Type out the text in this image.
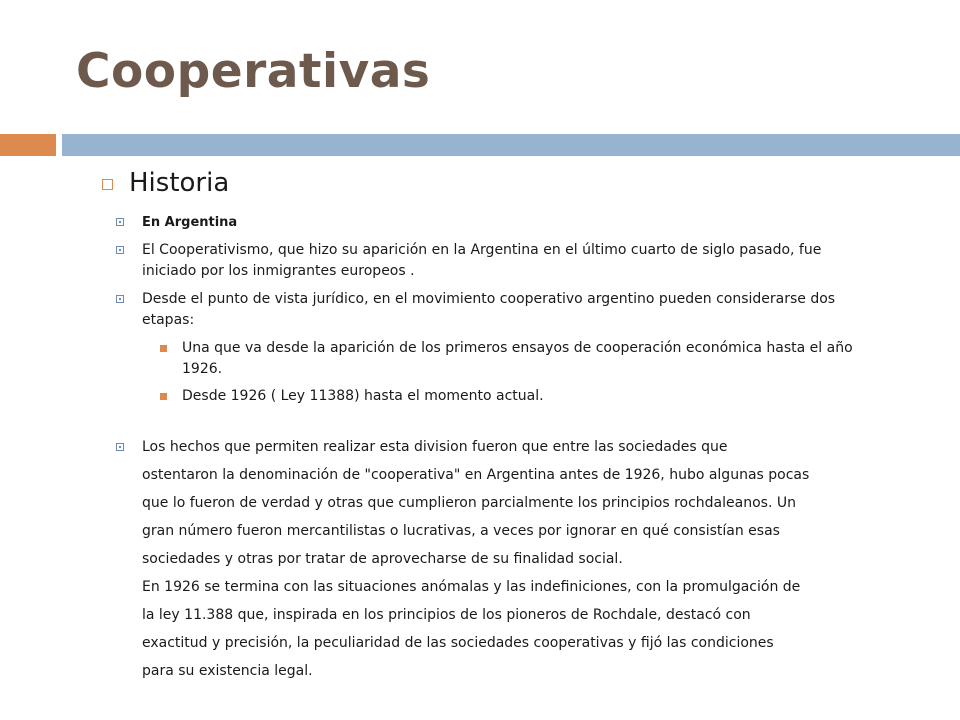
Cooperativas
Historia
En Argentina
El Cooperativismo, que hizo su aparición en la Argentina en el último cuarto de siglo pasado, fue iniciado por los inmigrantes europeos .
Desde el punto de vista jurídico, en el movimiento cooperativo argentino pueden considerarse dos etapas:
Una que va desde la aparición de los primeros ensayos de cooperación económica hasta el año 1926.
Desde 1926 ( Ley 11388) hasta el momento actual.
Los hechos que permiten realizar esta division fueron que entre las sociedades que
ostentaron la denominación de "cooperativa" en Argentina antes de 1926, hubo algunas pocas
que lo fueron de verdad y otras que cumplieron parcialmente los principios rochdaleanos. Un
gran número fueron mercantilistas o lucrativas, a veces por ignorar en qué consistían esas
sociedades y otras por tratar de aprovecharse de su finalidad social.
En 1926 se termina con las situaciones anómalas y las indefiniciones, con la promulgación de
la ley 11.388 que, inspirada en los principios de los pioneros de Rochdale, destacó con
exactitud y precisión, la peculiaridad de las sociedades cooperativas y fijó las condiciones
para su existencia legal.
